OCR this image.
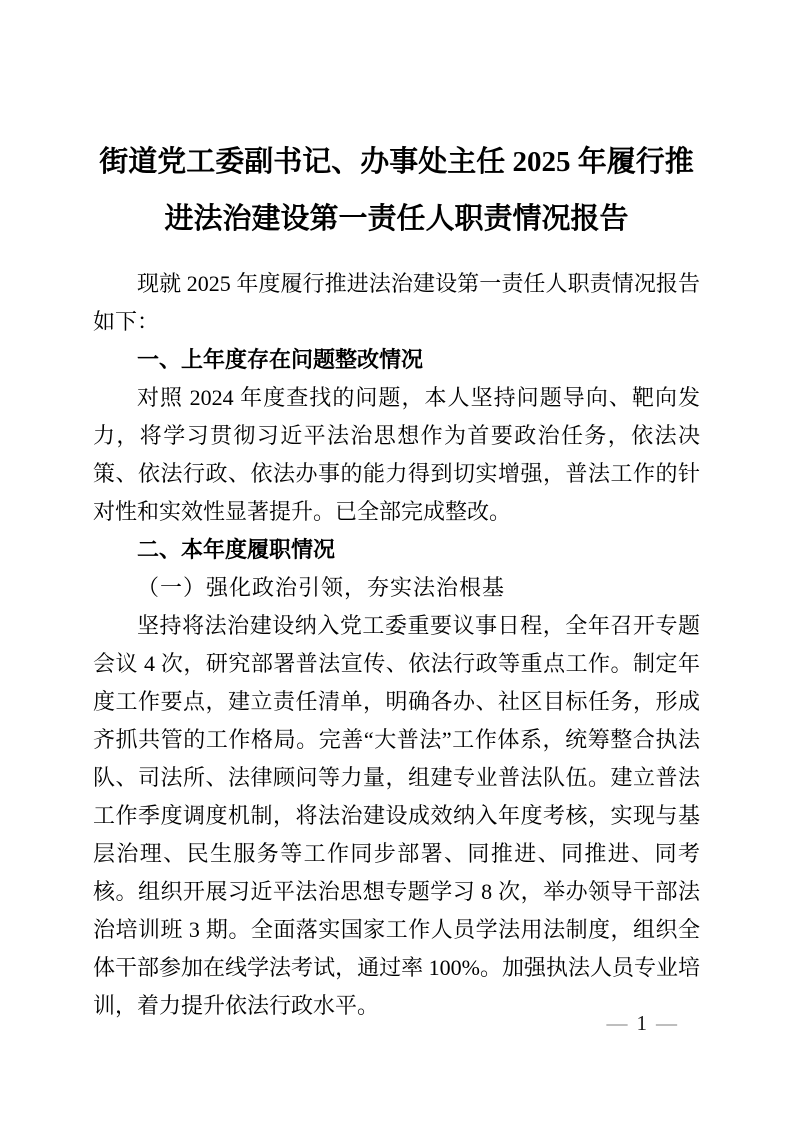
街道党工委副书记、办事处主任 2025 年履行推进法治建设第一责任人职责情况报告

现就 2025 年度履行推进法治建设第一责任人职责情况报告如下：

一、上年度存在问题整改情况

对照 2024 年度查找的问题，本人坚持问题导向、靶向发力，将学习贯彻习近平法治思想作为首要政治任务，依法决策、依法行政、依法办事的能力得到切实增强，普法工作的针对性和实效性显著提升。已全部完成整改。

二、本年度履职情况
（一）强化政治引领，夯实法治根基

坚持将法治建设纳入党工委重要议事日程，全年召开专题会议 4 次，研究部署普法宣传、依法行政等重点工作。制定年度工作要点，建立责任清单，明确各办、社区目标任务，形成齐抓共管的工作格局。完善“大普法”工作体系，统筹整合执法队、司法所、法律顾问等力量，组建专业普法队伍。建立普法工作季度调度机制，将法治建设成效纳入年度考核，实现与基层治理、民生服务等工作同步部署、同推进、同推进、同考核。组织开展习近平法治思想专题学习 8 次，举办领导干部法治培训班 3 期。全面落实国家工作人员学法用法制度，组织全体干部参加在线学法考试，通过率 100%。加强执法人员专业培训，着力提升依法行政水平。

— 1 —
